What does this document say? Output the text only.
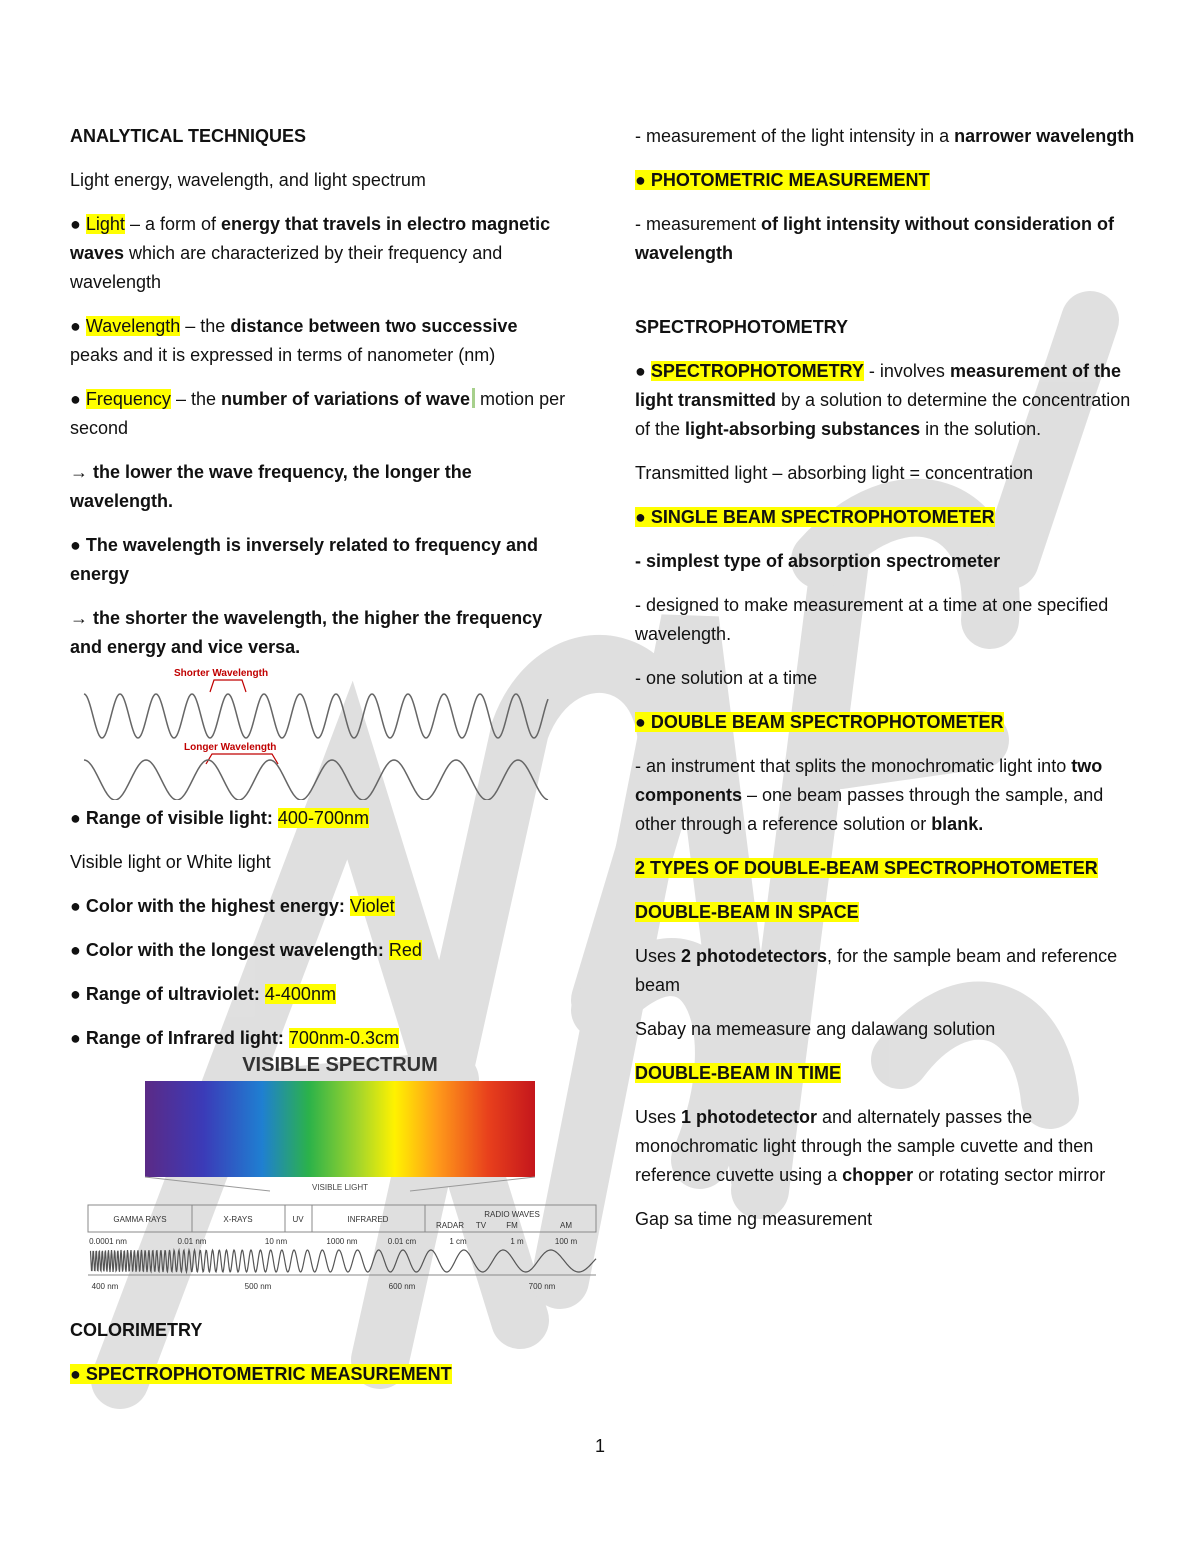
ANALYTICAL TECHNIQUES

Light energy, wavelength, and light spectrum

● Light – a form of energy that travels in electro magnetic waves which are characterized by their frequency and wavelength

● Wavelength – the distance between two successive peaks and it is expressed in terms of nanometer (nm)

● Frequency – the number of variations of wave motion per second

→ the lower the wave frequency, the longer the wavelength.

● The wavelength is inversely related to frequency and energy

→ the shorter the wavelength, the higher the frequency and energy and vice versa.

Shorter Wavelength
Longer Wavelength

● Range of visible light: 400-700nm

Visible light or White light

● Color with the highest energy: Violet

● Color with the longest wavelength: Red

● Range of ultraviolet: 4-400nm

● Range of Infrared light: 700nm-0.3cm

VISIBLE SPECTRUM
VISIBLE LIGHT
GAMMA RAYS	X-RAYS	UV	INFRARED
RADIO WAVES
RADAR TV	FM	AM
0.0001 nm	0.01 nm	10 nm	1000 nm	0.01 cm	1 cm	1 m	100 m
400 nm	500 nm	600 nm	700 nm

COLORIMETRY

● SPECTROPHOTOMETRIC MEASUREMENT

- measurement of the light intensity in a narrower wavelength

● PHOTOMETRIC MEASUREMENT

- measurement of light intensity without consideration of wavelength

SPECTROPHOTOMETRY

● SPECTROPHOTOMETRY - involves measurement of the light transmitted by a solution to determine the concentration of the light-absorbing substances in the solution.

Transmitted light – absorbing light = concentration

● SINGLE BEAM SPECTROPHOTOMETER

- simplest type of absorption spectrometer

- designed to make measurement at a time at one specified wavelength.

- one solution at a time

● DOUBLE BEAM SPECTROPHOTOMETER

- an instrument that splits the monochromatic light into two components – one beam passes through the sample, and other through a reference solution or blank.

2 TYPES OF DOUBLE-BEAM SPECTROPHOTOMETER

DOUBLE-BEAM IN SPACE

Uses 2 photodetectors, for the sample beam and reference beam

Sabay na memeasure ang dalawang solution

DOUBLE-BEAM IN TIME

Uses 1 photodetector and alternately passes the monochromatic light through the sample cuvette and then reference cuvette using a chopper or rotating sector mirror

Gap sa time ng measurement

1
